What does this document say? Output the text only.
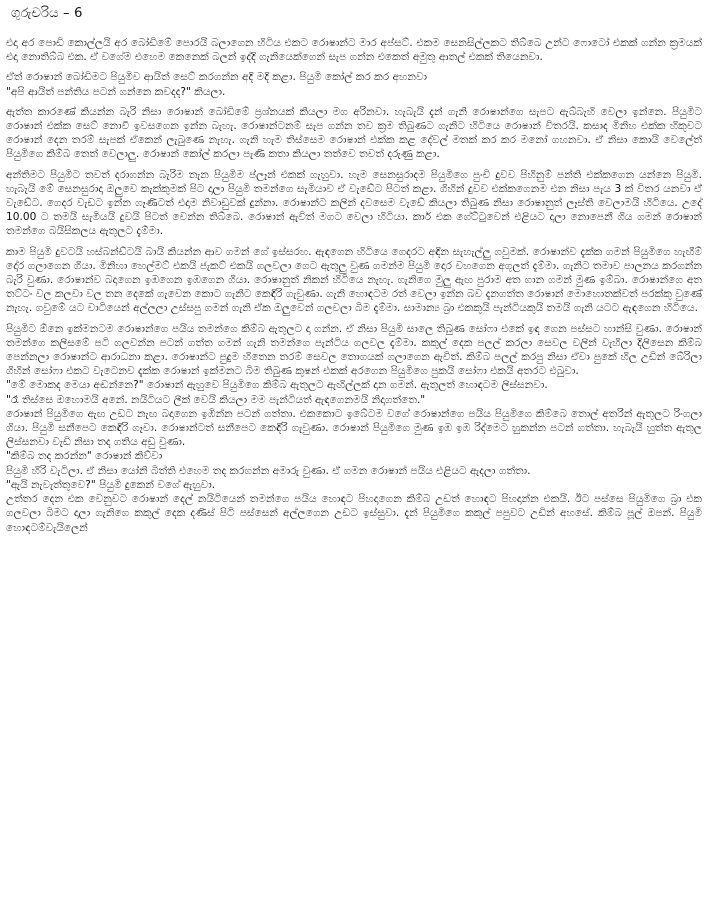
ගුරුචරිය – 6

එදා අර පොඩි කොල්ලයි අර බෝඩිමේ පොරයි බලාගෙන හිටිය එකට රොෂාන්ට මාර අප්සට්. එකම සෙනසිල්ලකට තිබ්බෙ උන්ට ෆොටෝ එකක් ගන්න ක්‍රමයක් එදා නොතිබ්බ එක. ඒ වගේම එහෙම කෙනෙක් බලන් ඉද්දි ගැනියෙක්ගෙන් සැප ගන්න එකෙත් අමුතු ආතල් එකක් තියෙනවා.

ඒත් රොෂාන් බෝඩිමට පියුමිව ආයිත් සෙට් කරගන්න අදි මදි කළා. පියුමි කෝල් කර කර අහනවා

"අපි ආයිත් පන්තිය පටන් ගන්නෙ කවදද?" කියලා.

ඇත්ත කාරණේ කියන්න බැරි නිසා රොෂාන් බෝඩිමේ ප්‍රශ්නයක් කියලා මග අරිනවා. හැබැයි දැන් ගැනි රොෂාන්ගෙ සැපට ඇබ්බැහි වෙලා ඉන්නෙ. පියුමිට රොෂාන් එක්ක සෙට් නොවී ඉවසගෙන ඉන්න බැහැ. රොෂාන්ටනම් සැප ගන්න තව ක්‍රම තිබුණට ගැනිට හිටියෙ රොෂාන් විතරයි. කසාද මිනිහ එක්ක හිකුවට රොෂාන් දෙන තරම් සැපක් ඒකෙන් ලැබුණෙ නැහැ. ගැනි හැම තිස්සෙම රොෂාන් එක්ක කළ දේවල් මතක් කර කර මනෝ ගහනවා. ඒ නිසා කොයි වෙලේත් පියුමිගෙ කිම්බ තෙත් වෙලාලු. රොෂාන් කෝල් කරලා පැණි කතා කියලා තත්වෙ තවත් දරුණු කළා.

අන්තිමට පියුමිට තවත් දරාගන්න බැරිම තැන පියුමිම ප්ලෑන් එකක් ගැහුවා. හැම සෙනසුරාදම පියුමිගෙ පුංචි දුවව පිහිනුම් පන්ති එක්කගෙන යන්නෙ පියුමි. හැබැයි මේ සෙනසුරාදා ඔලුවෙ කැක්කුමක් පිට දාලා පියුමි තමන්ගෙ සැමියාව ඒ වැඩේට පිටත් කළා. ගිහින් දුවව එක්කගෙනම එන නිසා පැය 3 ක් විතර යනවා ඒ වැඩේට. ගෙදර වැඩට ඉන්න ගෑණිටත් එදාම නිවාඩුවක් දුන්නා. රොෂාන්ට කලින් දවසෙම වැඩේ කියලා තිබුණ නිසා රොෂානුත් ලෑස්ති වෙලාමයි හිටියෙ. උදේ 10.00 ට තමයි සැමියයි දුවයි පිටත් වෙන්න තිබ්බෙ. රොෂාන් ඇවිත් මගට වෙලා හිටියා. කාර් එක ගේට්ටුවෙන් එළියට දාලා නොපෙනී ගිය ගමන් රොෂාන් තමන්ගෙ බයිසිකලය ඇතුලට දැම්මා.

කාම පියුමි දුවටයි හස්බන්ඩ්ටයි බායි කියන්න ආව ගමන් ගේ ඉස්සරහ. ඇඳගෙන හිටියෙ ගෙදරට අඳින සැහැල්ලු ගවුමක්. රොෂාන්ව දැක්ක ගමන් පියුමිගෙ හැඟීම් දෝර ගලාගෙන ගියා. මිනිහා හෙල්මට් එකයි ජැකට් එකයි ගලවලා ගෙට ඇතුලු වුණ ගමන්ම පියුමි දොර වහගෙන අගුලත් දැම්මා. ගැනිට තමාව පාලනය කරගන්න බැරි වුණා. රොෂාන්ව බදාගෙන ඉඹගෙන ඉඹගෙන ගියා. රොෂානුත් නිකන් හිටියෙ නැහැ. ගැනිගෙ මුලු ඇඟ පුරාම අත ගාන ගමන් මුණ ඉම්බා. රොෂාන්ගෙ අත තට්ටං වල කලවා වල තන දෙකේ ගැවෙන කොට ගැනිට කෙඳිරි ගැවුණා. ගැනි හොඳටම රත් වෙලා ඉන්න බව දැනගත්ත රොෂාන් මොහොතක්වත් පරක්කු වුණේ නැහැ. ගවුමේ යට වාටියෙන් අල්ලලා උස්සපු ගමන් ගැනි ඒක ඔලුවෙන් ගලවලා බිම දැම්මා. සාමාන්‍ය බ්‍රා එකකුයි පැන්ටියකුයි තමයි ගැනි යටට ඇඳගෙන හිටියෙ.

පියුමිට ඕනෙ ඉක්මනටම රොෂාන්ගෙ පයිය තමන්ගෙ කිම්බ ඇතුලට දා ගන්න. ඒ නිසා පියුමි සාලෙ තිබුණ සෝෆා එකේ ඉඳ ගෙන පස්සට හාන්සි වුණා. රොෂාන් තමන්ගෙ කලිසමේ පටි ගලවන්න පටන් ගත්ත ගමන් ගැනි තමන්ගෙ පැන්ටිය ගලවල දැම්මා. කකුල් දෙක පලල් කරලා සෙවල වලින් වැහිලා දිලිසෙන කිම්බ පෙන්නලා රොෂාන්ට ආරාධනා කළා. රොෂාන්ට පුදුම හිතෙන තරම් සෙවල තොගයක් ගලාගෙන ඇවිත්. කිම්බ පලල් කරපු නිසා ඒවා පුකේ හිල උඩින් බේරිලා ගිහින් සෝෆා එකට වැටෙනව දැක්ක රොෂාන් ඉක්මනට බිම තිබුණ කුෂන් එකක් අරගෙන පියුමිගෙ පුකයි සෝෆා එකයි අතරට එබුවා.

"මේ මොකද මෙයා අඬන්නෙ?" රොෂාන් ඇහුවෙ පියුමිගෙ කිම්බ ඇතුලට ඇඟිල්ලක් දාන ගමන්. ඇතුලත් හොඳටම ලිස්සනවා.

"රෑ තිස්සෙ ඔහොමයි අනේ. නයිටියට ලීක් වෙයි කියලා මම පැන්ටියත් ඇඳගෙනමයි නිදාගත්තෙ."

රොෂාන් පියුමිගෙ ඇඟ උඩට නැඟ බදාගෙන ඉඹින්න පටන් ගත්තා. එකකොට ඉබේටම වගේ රොෂාන්ගෙ පයිය පියුමිගෙ කිම්බෙ තොල් අතරින් ඇතුලට රිංගලා ගියා. පියුමි සනීපෙට කෙඳිරි ගෑවා. රොෂාන්ටත් සනීපෙට කෙඳිරි ගැවුණා. රොෂාන් පියුමිගෙ මුණ ඉඹ ඉඹ රිද්මෙට හුකන්න පටන් ගත්තා. හැබැයි හුත්ත ඇතුල ලිස්සනවා වැඩි නිසා තද ගතිය අඩු වුණා.

"කිම්බ තද කරන්න" රොෂාන් කිව්වා

පියුමි හිරි වැටිලා. ඒ නිසා යෝනි බිත්ති එහෙම තද කරගන්න අමාරු වුණා. ඒ ගමන රොෂාන් පයිය එළියට ඇදලා ගත්තා.

"ඇයි නැවැත්තුවෙ?" පියුමි දුකෙන් වගේ ඇහුවා.

උත්තර දෙන එක වෙනුවට රොෂාන් දෙල් නයිටියෙන් තමන්ගෙ පයිය හොඳට පිහදාගෙන කිම්බ උඩත් හොඳට පිහදාන්න එකයි. ඊට පස්සෙ පියුමිගෙ බ්‍රා එක ගලවලා බිමට දාලා ගැනිගෙ කකුල් දෙක දණිස් පිටි පස්සෙන් අල්ලගෙන උඩට ඉස්සුවා. දැන් පියුමිගෙ කකුල් පපුවට උඩින් අහසේ. කිම්බ පූල් ඔපන්. පියුමි හොඳටම්වැයිලෙන්
